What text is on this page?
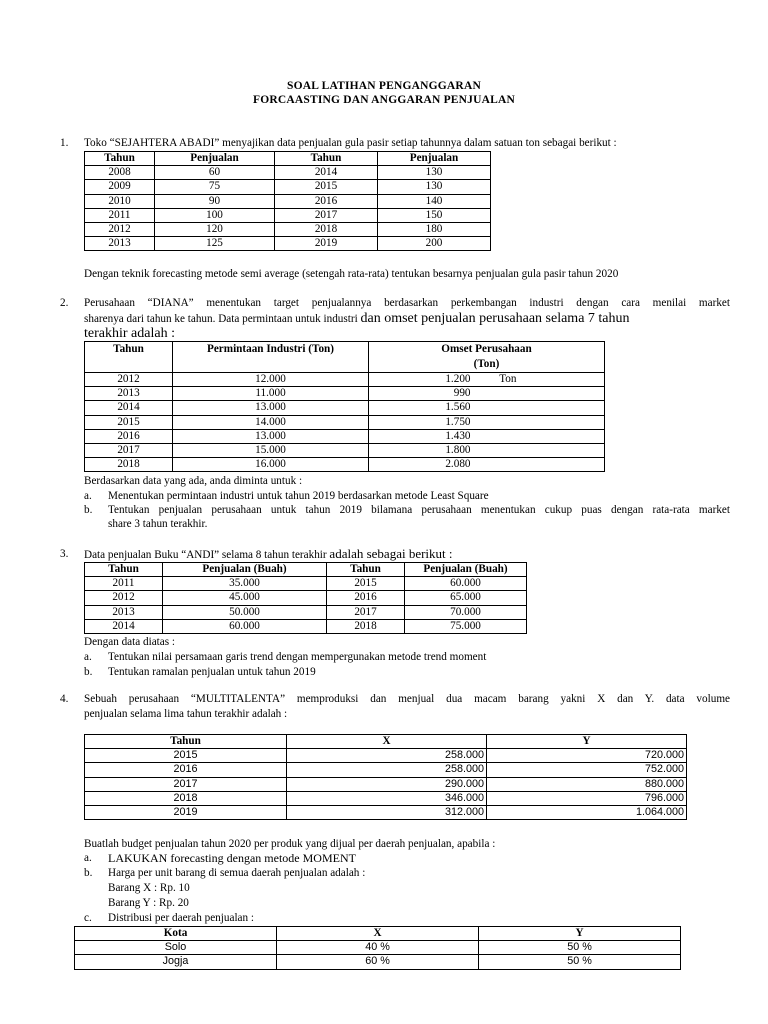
SOAL LATIHAN PENGANGGARAN
FORCAASTING DAN ANGGARAN PENJUALAN
1. Toko “SEJAHTERA ABADI” menyajikan data penjualan gula pasir setiap tahunnya dalam satuan ton sebagai berikut :
Tahun	Penjualan	Tahun	Penjualan
2008	60	2014	130
2009	75	2015	130
2010	90	2016	140
2011	100	2017	150
2012	120	2018	180
2013	125	2019	200
Dengan teknik forecasting metode semi average (setengah rata-rata) tentukan besarnya penjualan gula pasir tahun 2020
2. Perusahaan “DIANA” menentukan target penjualannya berdasarkan perkembangan industri dengan cara menilai market
sharenya dari tahun ke tahun. Data permintaan untuk industri dan omset penjualan perusahaan selama 7 tahun
terakhir adalah :
Tahun	Permintaan Industri (Ton)	Omset Perusahaan
(Ton)

2012	12.000	1.200 Ton
2013	11.000	990
2014	13.000	1.560
2015	14.000	1.750
2016	13.000	1.430
2017	15.000	1.800
2018	16.000	2.080
Berdasarkan data yang ada, anda diminta untuk :
a. Menentukan permintaan industri untuk tahun 2019 berdasarkan metode Least Square
b. Tentukan penjualan perusahaan untuk tahun 2019 bilamana perusahaan menentukan cukup puas dengan rata-rata market
share 3 tahun terakhir.
3. Data penjualan Buku “ANDI” selama 8 tahun terakhir adalah sebagai berikut :
Tahun	Penjualan (Buah)	Tahun	Penjualan (Buah)
2011	35.000	2015	60.000
2012	45.000	2016	65.000
2013	50.000	2017	70.000
2014	60.000	2018	75.000
Dengan data diatas :
a. Tentukan nilai persamaan garis trend dengan mempergunakan metode trend moment
b. Tentukan ramalan penjualan untuk tahun 2019
4. Sebuah perusahaan “MULTITALENTA” memproduksi dan menjual dua macam barang yakni X dan Y. data volume
penjualan selama lima tahun terakhir adalah :
Tahun	X	Y
2015	258.000	720.000
2016	258.000	752.000
2017	290.000	880.000
2018	346.000	796.000
2019	312.000	1.064.000
Buatlah budget penjualan tahun 2020 per produk yang dijual per daerah penjualan, apabila :
a. LAKUKAN forecasting dengan metode MOMENT
b. Harga per unit barang di semua daerah penjualan adalah :
Barang X : Rp. 10
Barang Y : Rp. 20
c. Distribusi per daerah penjualan :
Kota	X	Y
Solo	40 %	50 %
Jogja	60 %	50 %
